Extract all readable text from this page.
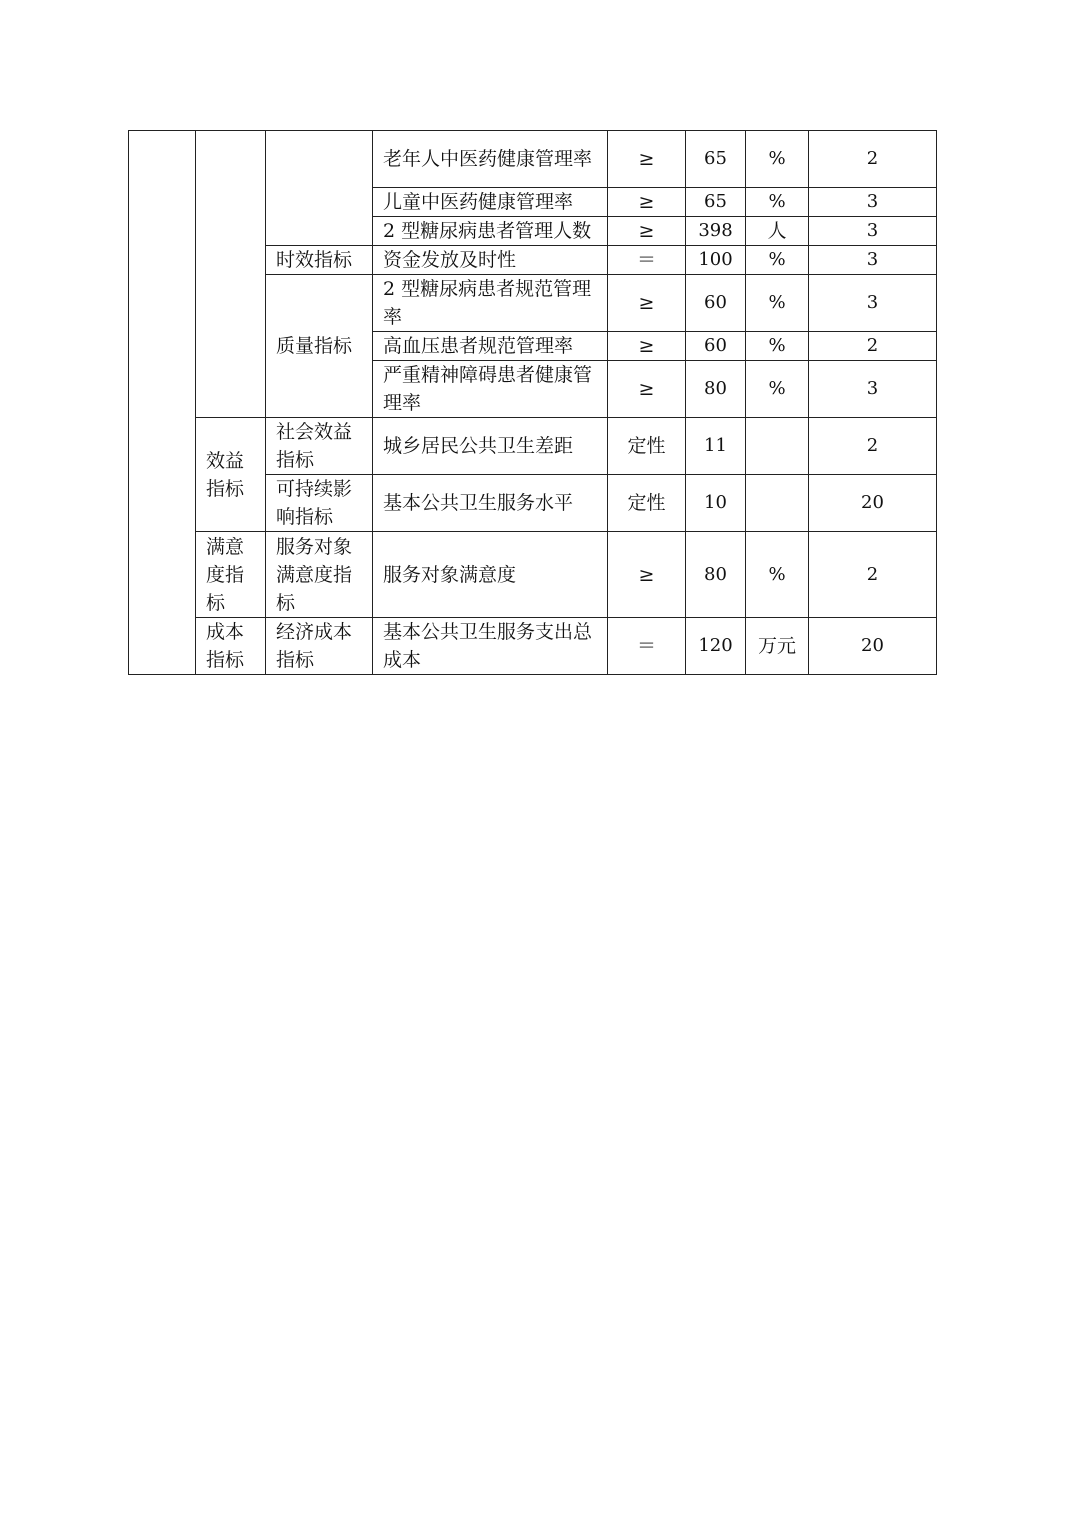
			老年人中医药健康管理率	≥	65	%	2
			儿童中医药健康管理率	≥	65	%	3
			2 型糖尿病患者管理人数	≥	398	人	3
		时效指标	资金发放及时性	＝	100	%	3
		质量指标	2 型糖尿病患者规范管理率	≥	60	%	3
			高血压患者规范管理率	≥	60	%	2
			严重精神障碍患者健康管理率	≥	80	%	3
	效益指标	社会效益指标	城乡居民公共卫生差距	定性	11		2
		可持续影响指标	基本公共卫生服务水平	定性	10		20
	满意度指标	服务对象满意度指标	服务对象满意度	≥	80	%	2
	成本指标	经济成本指标	基本公共卫生服务支出总成本	＝	120	万元	20
